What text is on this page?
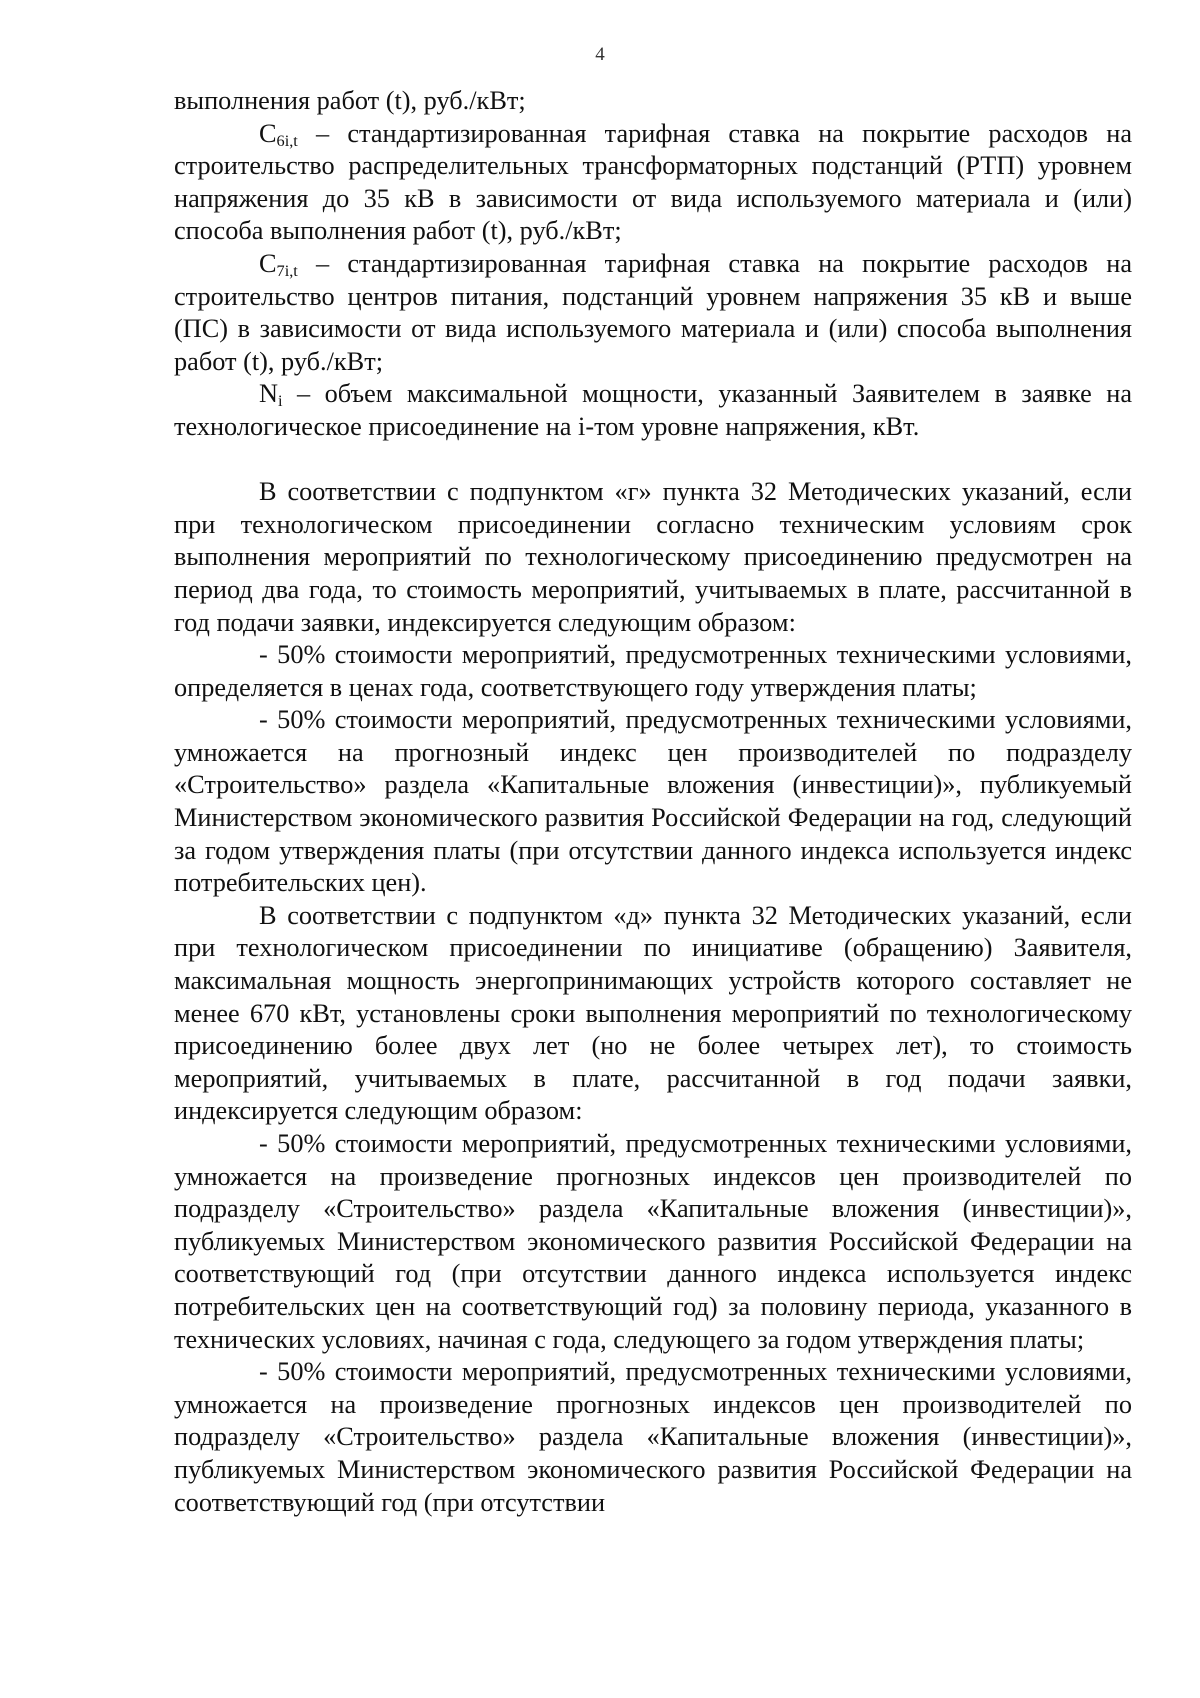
4

выполнения работ (t), руб./кВт;

$C_{6i,t}$ – стандартизированная тарифная ставка на покрытие расходов на строительство распределительных трансформаторных подстанций (РТП) уровнем напряжения до 35 кВ в зависимости от вида используемого материала и (или) способа выполнения работ (t), руб./кВт;

$C_{7i,t}$ – стандартизированная тарифная ставка на покрытие расходов на строительство центров питания, подстанций уровнем напряжения 35 кВ и выше (ПС) в зависимости от вида используемого материала и (или) способа выполнения работ (t), руб./кВт;

$N_i$ – объем максимальной мощности, указанный Заявителем в заявке на технологическое присоединение на i-том уровне напряжения, кВт.

В соответствии с подпунктом «г» пункта 32 Методических указаний, если при технологическом присоединении согласно техническим условиям срок выполнения мероприятий по технологическому присоединению предусмотрен на период два года, то стоимость мероприятий, учитываемых в плате, рассчитанной в год подачи заявки, индексируется следующим образом:

- 50% стоимости мероприятий, предусмотренных техническими условиями, определяется в ценах года, соответствующего году утверждения платы;

- 50% стоимости мероприятий, предусмотренных техническими условиями, умножается на прогнозный индекс цен производителей по подразделу «Строительство» раздела «Капитальные вложения (инвестиции)», публикуемый Министерством экономического развития Российской Федерации на год, следующий за годом утверждения платы (при отсутствии данного индекса используется индекс потребительских цен).

В соответствии с подпунктом «д» пункта 32 Методических указаний, если при технологическом присоединении по инициативе (обращению) Заявителя, максимальная мощность энергопринимающих устройств которого составляет не менее 670 кВт, установлены сроки выполнения мероприятий по технологическому присоединению более двух лет (но не более четырех лет), то стоимость мероприятий, учитываемых в плате, рассчитанной в год подачи заявки, индексируется следующим образом:

- 50% стоимости мероприятий, предусмотренных техническими условиями, умножается на произведение прогнозных индексов цен производителей по подразделу «Строительство» раздела «Капитальные вложения (инвестиции)», публикуемых Министерством экономического развития Российской Федерации на соответствующий год (при отсутствии данного индекса используется индекс потребительских цен на соответствующий год) за половину периода, указанного в технических условиях, начиная с года, следующего за годом утверждения платы;

- 50% стоимости мероприятий, предусмотренных техническими условиями, умножается на произведение прогнозных индексов цен производителей по подразделу «Строительство» раздела «Капитальные вложения (инвестиции)», публикуемых Министерством экономического развития Российской Федерации на соответствующий год (при отсутствии
